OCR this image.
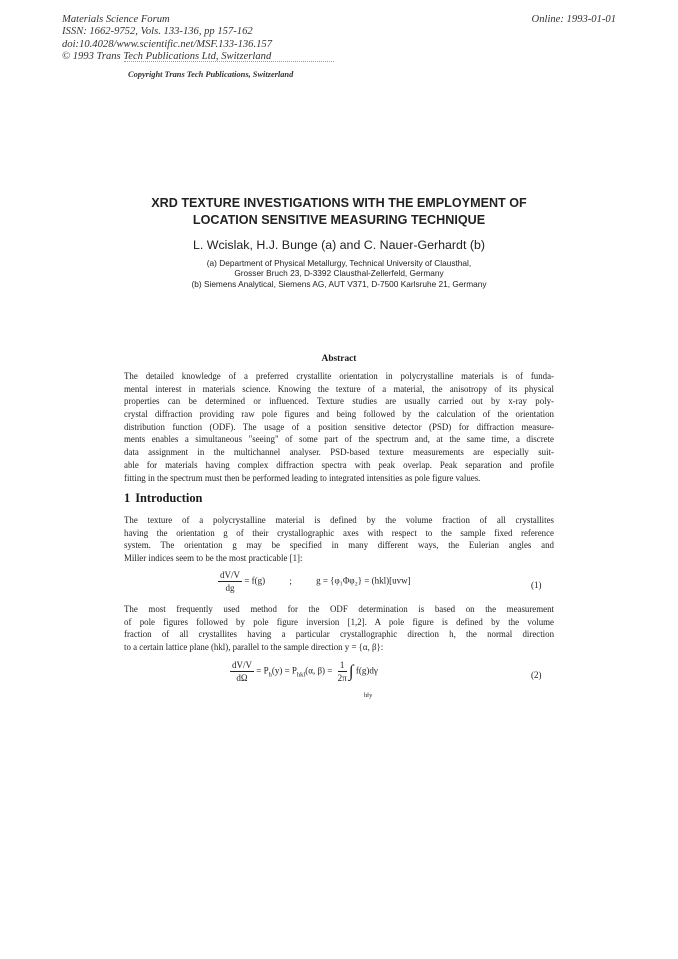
Materials Science Forum
ISSN: 1662-9752, Vols. 133-136, pp 157-162
doi:10.4028/www.scientific.net/MSF.133-136.157
© 1993 Trans Tech Publications Ltd, Switzerland
Online: 1993-01-01
Copyright Trans Tech Publications, Switzerland
XRD TEXTURE INVESTIGATIONS WITH THE EMPLOYMENT OF
LOCATION SENSITIVE MEASURING TECHNIQUE
L. Wcislak, H.J. Bunge (a) and C. Nauer-Gerhardt (b)
(a) Department of Physical Metallurgy, Technical University of Clausthal,
Grosser Bruch 23, D-3392 Clausthal-Zellerfeld, Germany
(b) Siemens Analytical, Siemens AG, AUT V371, D-7500 Karlsruhe 21, Germany
Abstract
The detailed knowledge of a preferred crystallite orientation in polycrystalline materials is of funda-
mental interest in materials science. Knowing the texture of a material, the anisotropy of its physical
properties can be determined or influenced. Texture studies are usually carried out by x-ray poly-
crystal diffraction providing raw pole figures and being followed by the calculation of the orientation
distribution function (ODF). The usage of a position sensitive detector (PSD) for diffraction measure-
ments enables a simultaneous "seeing" of some part of the spectrum and, at the same time, a discrete
data assignment in the multichannel analyser. PSD-based texture measurements are especially suit-
able for materials having complex diffraction spectra with peak overlap. Peak separation and profile
fitting in the spectrum must then be performed leading to integrated intensities as pole figure values.
1 Introduction
The texture of a polycrystalline material is defined by the volume fraction of all crystallites
having the orientation g of their crystallographic axes with respect to the sample fixed reference
system. The orientation g may be specified in many different ways, the Eulerian angles and
Miller indices seem to be the most practicable [1]:
$\frac{dV/V}{dg} = f(g)$	;	g = {φ₁Φφ₂} = (hkl)[uvw]	(1)
The most frequently used method for the ODF determination is based on the measurement
of pole figures followed by pole figure inversion [1,2]. A pole figure is defined by the volume
fraction of all crystallites having a particular crystallographic direction h, the normal direction
to a certain lattice plane (hkl), parallel to the sample direction y = {α, β}:
$\frac{dV/V}{d\Omega} = P_h(y) = P_{hkl}(\alpha$, $\beta) = \frac{1}{2\pi}$ ∫ f(g)dγ
h‖y
(2)
